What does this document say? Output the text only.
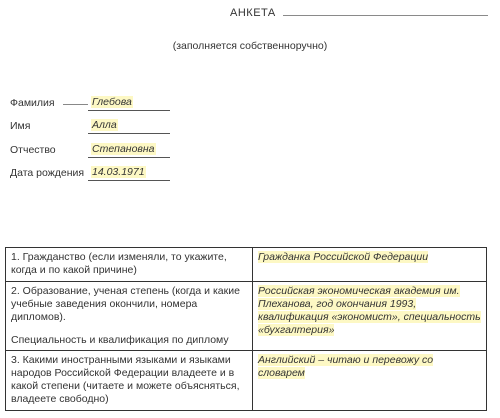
АНКЕТА
(заполняется собственноручно)
Фамилия	Глебова
Имя	Алла
Отчество	Степановна
Дата рождения 14.03.1971
1. Гражданство (если изменяли, то укажите, когда и по какой причине)	Гражданка Российской Федерации

2. Образование, ученая степень (когда и какие учебные заведения окончили, номера дипломов).
Специальность и квалификация по диплому	Российская экономическая академия им. Плеханова, год окончания 1993, квалификация «экономист», специальность «бухгалтерия»

3. Какими иностранными языками и языками народов Российской Федерации владеете и в какой степени (читаете и можете объясняться, владеете свободно)	Английский – читаю и перевожу со словарем
